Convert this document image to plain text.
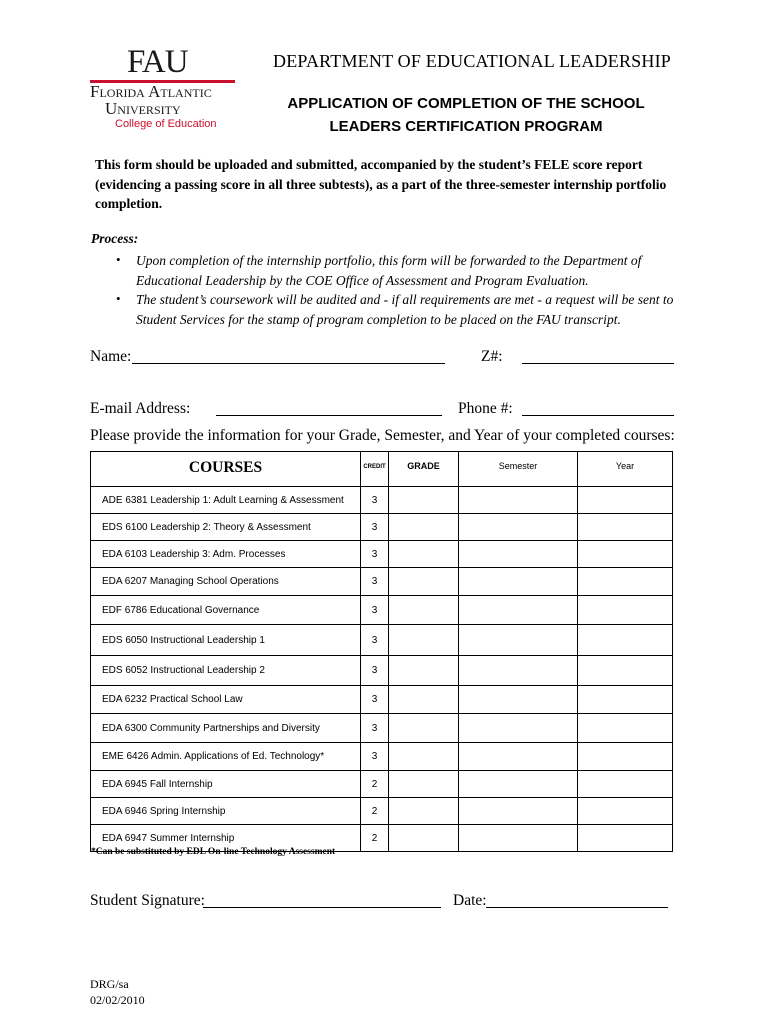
FAU
Florida Atlantic
University
College of Education
DEPARTMENT OF EDUCATIONAL LEADERSHIP
APPLICATION OF COMPLETION OF THE SCHOOL
LEADERS CERTIFICATION PROGRAM
This form should be uploaded and submitted, accompanied by the student’s FELE score report (evidencing a passing score in all three subtests), as a part of the three-semester internship portfolio completion.
Process:
• Upon completion of the internship portfolio, this form will be forwarded to the Department of Educational Leadership by the COE Office of Assessment and Program Evaluation.
• The student’s coursework will be audited and - if all requirements are met - a request will be sent to Student Services for the stamp of program completion to be placed on the FAU transcript.
Name:	Z#:
E-mail Address:	Phone #:
Please provide the information for your Grade, Semester, and Year of your completed courses:
COURSES	CREDIT	GRADE	Semester	Year
ADE 6381 Leadership 1: Adult Learning & Assessment	3			
EDS 6100 Leadership 2: Theory & Assessment	3			
EDA 6103 Leadership 3: Adm. Processes	3			
EDA 6207 Managing School Operations	3			
EDF 6786 Educational Governance	3			
EDS 6050 Instructional Leadership 1	3			
EDS 6052 Instructional Leadership 2	3			
EDA 6232 Practical School Law	3			
EDA 6300 Community Partnerships and Diversity	3			
EME 6426 Admin. Applications of Ed. Technology*	3			
EDA 6945 Fall Internship	2			
EDA 6946 Spring Internship	2			
EDA 6947 Summer Internship	2			
*Can be substituted by EDL On-line Technology Assessment
Student Signature:	Date:
DRG/sa
02/02/2010
